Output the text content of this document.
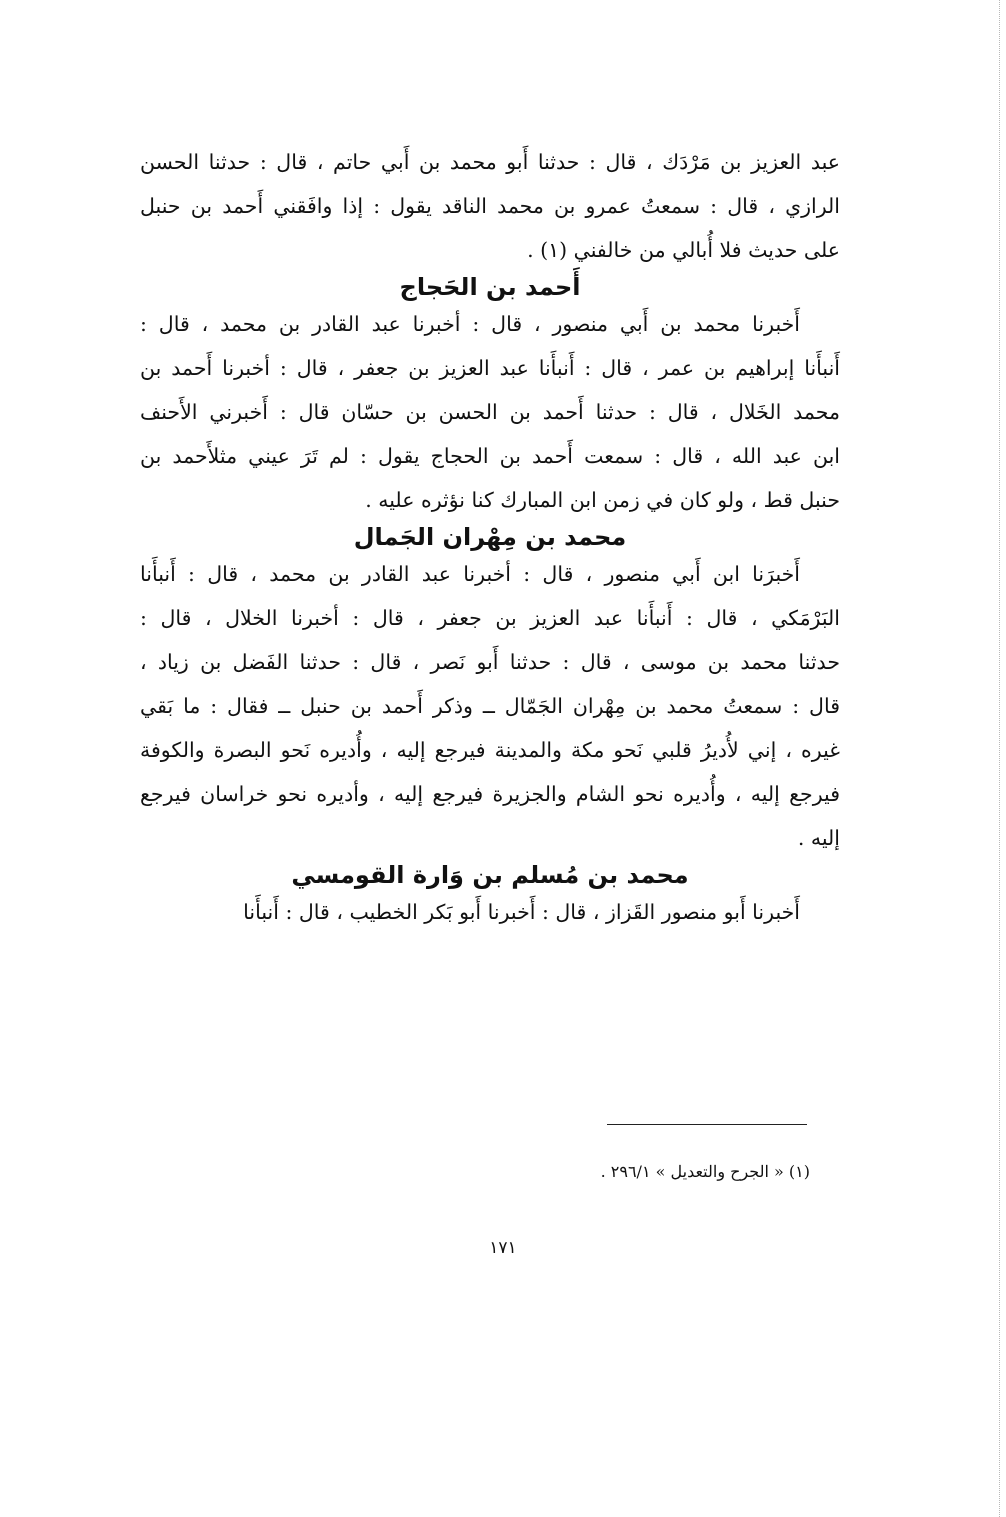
عبد العزيز بن مَرْدَك ، قال : حدثنا أَبو محمد بن أَبي حاتم ، قال : حدثنا الحسن
الرازي ، قال : سمعتُ عمرو بن محمد الناقد يقول : إذا وافَقني أَحمد بن حنبل
على حديث فلا أُبالي من خالفني (١) .
أَحمد بن الحَجاج
أَخبرنا محمد بن أَبي منصور ، قال : أخبرنا عبد القادر بن محمد ، قال :
أَنبأَنا إبراهيم بن عمر ، قال : أَنبأَنا عبد العزيز بن جعفر ، قال : أخبرنا أَحمد بن
محمد الخَلال ، قال : حدثنا أَحمد بن الحسن بن حسّان قال : أَخبرني الأَحنف
ابن عبد الله ، قال : سمعت أَحمد بن الحجاج يقول : لم تَرَ عيني مثلأَحمد بن
حنبل قط ، ولو كان في زمن ابن المبارك كنا نؤثره عليه .
محمد بن مِهْران الجَمال
أَخبرَنا ابن أَبي منصور ، قال : أخبرنا عبد القادر بن محمد ، قال : أَنبأَنا
البَرْمَكي ، قال : أَنبأَنا عبد العزيز بن جعفر ، قال : أخبرنا الخلال ، قال :
حدثنا محمد بن موسى ، قال : حدثنا أَبو نَصر ، قال : حدثنا الفَضل بن زياد ،
قال : سمعتُ محمد بن مِهْران الجَمّال ــ وذكر أَحمد بن حنبل ــ فقال : ما بَقي
غيره ، إني لأُديرُ قلبي نَحو مكة والمدينة فيرجع إليه ، وأُديره نَحو البصرة والكوفة
فيرجع إليه ، وأُديره نحو الشام والجزيرة فيرجع إليه ، وأديره نحو خراسان فيرجع
إليه .
محمد بن مُسلم بن وَارة القومسي
أَخبرنا أَبو منصور القَزاز ، قال : أَخبرنا أَبو بَكر الخطيب ، قال : أَنبأَنا
(١) « الجرح والتعديل » ٢٩٦/١ .
١٧١
